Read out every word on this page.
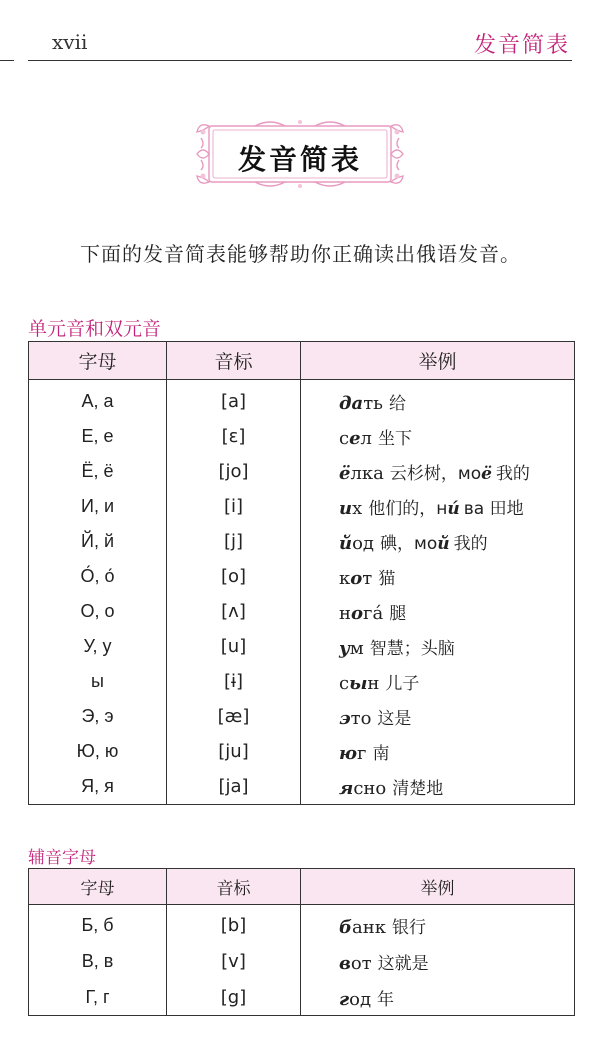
xvii	发音简表
发音简表
下面的发音简表能够帮助你正确读出俄语发音。
单元音和双元音
字母	音标	举例
А, а	[a]	дать 给
Е, е	[ɛ]	сел 坐下
Ё, ё	[jo]	ёлка 云杉树，моё 我的
И, и	[i]	их 他们的，ни́ ва 田地
Й, й	[j]	йод 碘，мой 我的
О́, о́	[o]	кот 猫
О, о	[ʌ]	ногá 腿
У, у	[u]	ум 智慧；头脑
ы	[ɨ]	сын 儿子
Э, э	[æ]	это 这是
Ю, ю	[ju]	юг 南
Я, я	[ja]	ясно 清楚地
辅音字母
字母	音标	举例
Б, б	[b]	банк 银行
В, в	[v]	вот 这就是
Г, г	[g]	год 年
